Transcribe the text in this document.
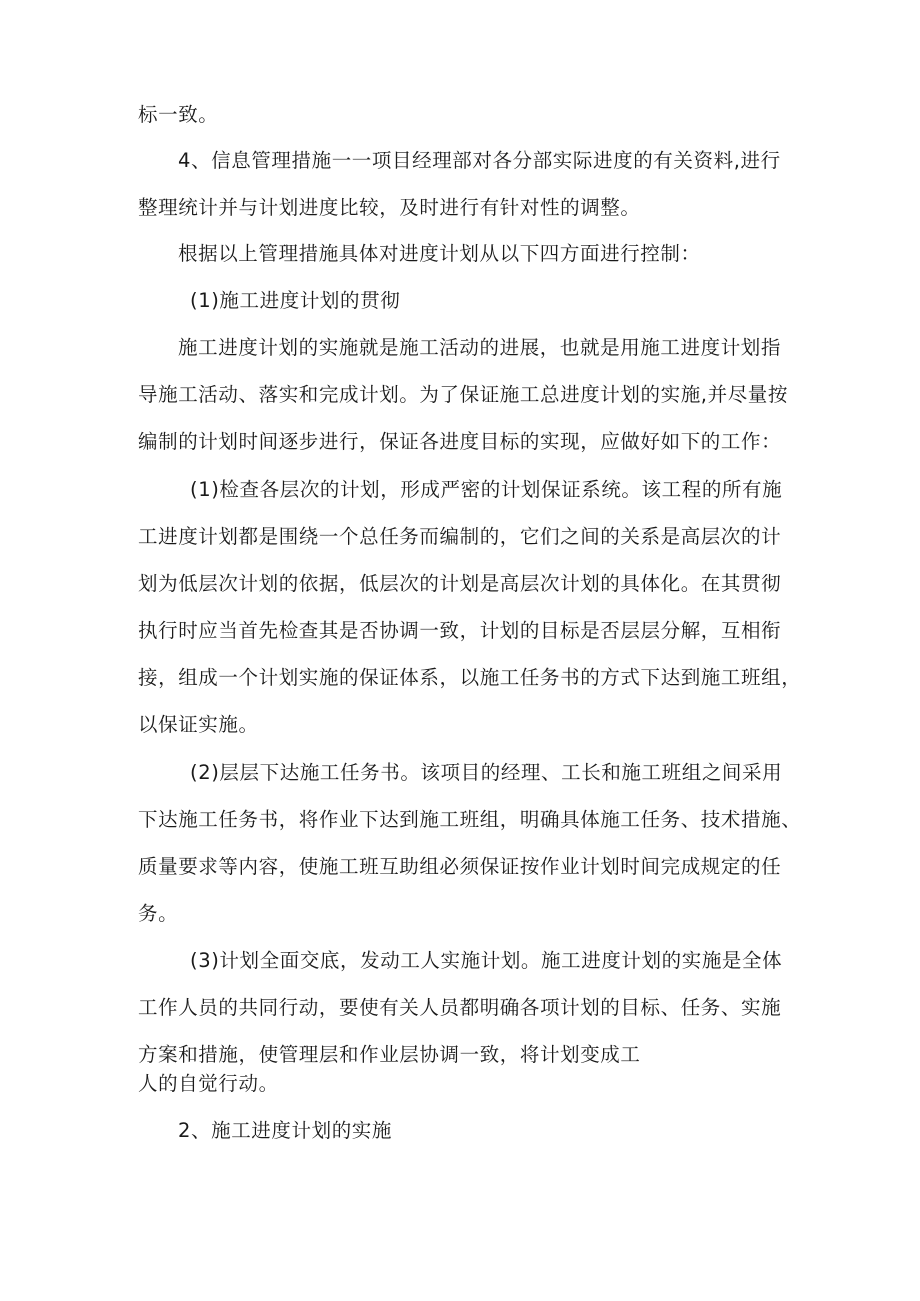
标一致。

4、信息管理措施一一项目经理部对各分部实际进度的有关资料,进行

整理统计并与计划进度比较，及时进行有针对性的调整。

根据以上管理措施具体对进度计划从以下四方面进行控制：

(1)施工进度计划的贯彻

施工进度计划的实施就是施工活动的进展，也就是用施工进度计划指

导施工活动、落实和完成计划。为了保证施工总进度计划的实施,并尽量按

编制的计划时间逐步进行，保证各进度目标的实现，应做好如下的工作：

(1)检查各层次的计划，形成严密的计划保证系统。该工程的所有施

工进度计划都是围绕一个总任务而编制的，它们之间的关系是高层次的计

划为低层次计划的依据，低层次的计划是高层次计划的具体化。在其贯彻

执行时应当首先检查其是否协调一致，计划的目标是否层层分解，互相衔

接，组成一个计划实施的保证体系，以施工任务书的方式下达到施工班组，

以保证实施。

(2)层层下达施工任务书。该项目的经理、工长和施工班组之间采用

下达施工任务书，将作业下达到施工班组，明确具体施工任务、技术措施、

质量要求等内容，使施工班互助组必须保证按作业计划时间完成规定的任

务。

(3)计划全面交底，发动工人实施计划。施工进度计划的实施是全体

工作人员的共同行动，要使有关人员都明确各项计划的目标、任务、实施

方案和措施，使管理层和作业层协调一致，将计划变成工

人的自觉行动。

2、施工进度计划的实施
